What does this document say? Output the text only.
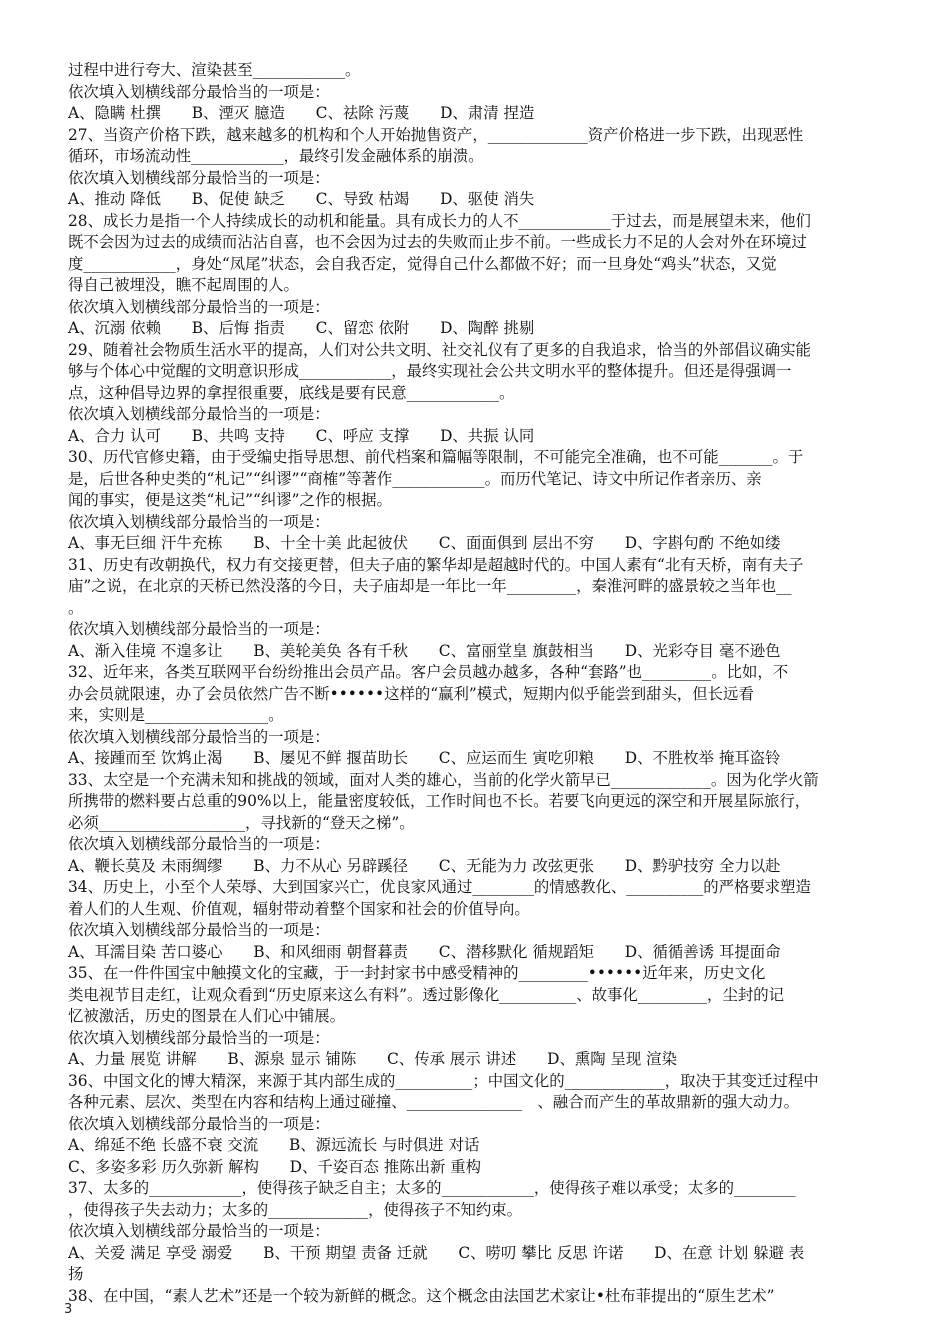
过程中进行夸大、渲染甚至____________。

依次填入划横线部分最恰当的一项是：

A、隐瞒 杜撰　　B、湮灭 臆造　　C、祛除 污蔑　　D、肃清 捏造

27、当资产价格下跌，越来越多的机构和个人开始抛售资产，_____________资产价格进一步下跌，出现恶性

循环，市场流动性____________，最终引发金融体系的崩溃。

依次填入划横线部分最恰当的一项是：

A、推动 降低　　B、促使 缺乏　　C、导致 枯竭　　D、驱使 消失

28、成长力是指一个人持续成长的动机和能量。具有成长力的人不____________于过去，而是展望未来，他们

既不会因为过去的成绩而沾沾自喜，也不会因为过去的失败而止步不前。一些成长力不足的人会对外在环境过

度____________，身处“凤尾”状态，会自我否定，觉得自己什么都做不好；而一旦身处“鸡头”状态，又觉

得自己被埋没，瞧不起周围的人。

依次填入划横线部分最恰当的一项是：

A、沉溺 依赖　　B、后悔 指责　　C、留恋 依附　　D、陶醉 挑剔

29、随着社会物质生活水平的提高，人们对公共文明、社交礼仪有了更多的自我追求，恰当的外部倡议确实能

够与个体心中觉醒的文明意识形成____________，最终实现社会公共文明水平的整体提升。但还是得强调一

点，这种倡导边界的拿捏很重要，底线是要有民意____________。

依次填入划横线部分最恰当的一项是：

A、合力 认可　　B、共鸣 支持　　C、呼应 支撑　　D、共振 认同

30、历代官修史籍，由于受编史指导思想、前代档案和篇幅等限制，不可能完全准确，也不可能_______。于

是，后世各种史类的“札记”“纠谬”“商榷”等著作____________。而历代笔记、诗文中所记作者亲历、亲

闻的事实，便是这类“札记”“纠谬”之作的根据。

依次填入划横线部分最恰当的一项是：

A、事无巨细 汗牛充栋　　B、十全十美 此起彼伏　　C、面面俱到 层出不穷　　D、字斟句酌 不绝如缕

31、历史有改朝换代，权力有交接更替，但夫子庙的繁华却是超越时代的。中国人素有“北有天桥，南有夫子

庙”之说，在北京的天桥已然没落的今日，夫子庙却是一年比一年_________，秦淮河畔的盛景较之当年也__

。

依次填入划横线部分最恰当的一项是：

A、渐入佳境 不遑多让　　B、美轮美奂 各有千秋　　C、富丽堂皇 旗鼓相当　　D、光彩夺目 毫不逊色

32、近年来，各类互联网平台纷纷推出会员产品。客户会员越办越多，各种“套路”也_________。比如，不

办会员就限速，办了会员依然广告不断••••••这样的“赢利”模式，短期内似乎能尝到甜头，但长远看

来，实则是________________。

依次填入划横线部分最恰当的一项是：

A、接踵而至 饮鸩止渴　　B、屡见不鲜 揠苗助长　　C、应运而生 寅吃卯粮　　D、不胜枚举 掩耳盗铃

33、太空是一个充满未知和挑战的领域，面对人类的雄心，当前的化学火箭早已_____________。因为化学火箭

所携带的燃料要占总重的90%以上，能量密度较低，工作时间也不长。若要飞向更远的深空和开展星际旅行，

必须___________________，寻找新的“登天之梯”。

依次填入划横线部分最恰当的一项是：

A、鞭长莫及 未雨绸缪　　B、力不从心 另辟蹊径　　C、无能为力 改弦更张　　D、黔驴技穷 全力以赴

34、历史上，小至个人荣辱、大到国家兴亡，优良家风通过________的情感教化、__________的严格要求塑造

着人们的人生观、价值观，辐射带动着整个国家和社会的价值导向。

依次填入划横线部分最恰当的一项是：

A、耳濡目染 苦口婆心　　B、和风细雨 朝督暮责　　C、潜移默化 循规蹈矩　　D、循循善诱 耳提面命

35、在一件件国宝中触摸文化的宝藏，于一封封家书中感受精神的_________••••••近年来，历史文化

类电视节目走红，让观众看到“历史原来这么有料”。透过影像化__________、故事化_________，尘封的记

忆被激活，历史的图景在人们心中铺展。

依次填入划横线部分最恰当的一项是：

A、力量 展览 讲解　　B、源泉 显示 铺陈　　C、传承 展示 讲述　　D、熏陶 呈现 渲染

36、中国文化的博大精深，来源于其内部生成的__________；中国文化的_____________，取决于其变迁过程中

各种元素、层次、类型在内容和结构上通过碰撞、_______________　、融合而产生的革故鼎新的强大动力。

依次填入划横线部分最恰当的一项是：

A、绵延不绝 长盛不衰 交流　　B、源远流长 与时俱进 对话

C、多姿多彩 历久弥新 解构　　D、千姿百态 推陈出新 重构

37、太多的____________，使得孩子缺乏自主；太多的____________，使得孩子难以承受；太多的________

，使得孩子失去动力；太多的_____________，使得孩子不知约束。

依次填入划横线部分最恰当的一项是：

A、关爱 满足 享受 溺爱　　B、干预 期望 责备 迁就　　C、唠叨 攀比 反思 许诺　　D、在意 计划 躲避 表

扬

38、在中国，“素人艺术”还是一个较为新鲜的概念。这个概念由法国艺术家让•杜布菲提出的“原生艺术”

3
